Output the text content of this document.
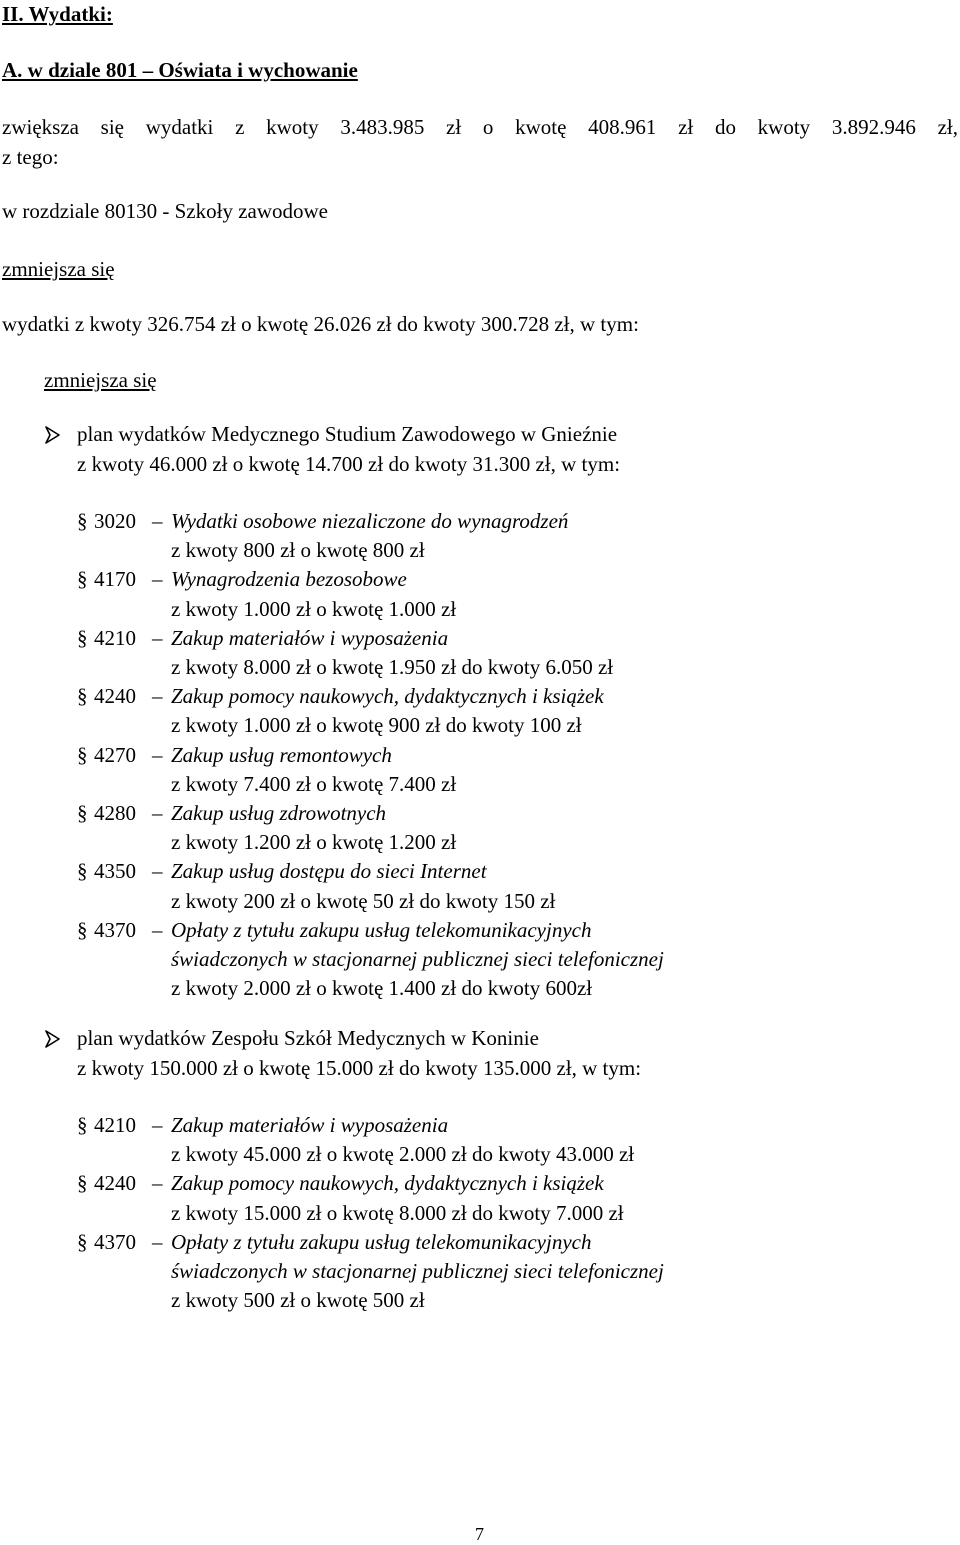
II. Wydatki:
A. w dziale 801 – Oświata i wychowanie
zwiększa się wydatki z kwoty 3.483.985 zł o kwotę 408.961 zł do kwoty 3.892.946 zł,
z tego:
w rozdziale 80130 - Szkoły zawodowe
zmniejsza się
wydatki z kwoty 326.754 zł o kwotę 26.026 zł do kwoty 300.728 zł, w tym:
zmniejsza się
plan wydatków Medycznego Studium Zawodowego w Gnieźnie
z kwoty 46.000 zł o kwotę 14.700 zł do kwoty 31.300 zł, w tym:
§ 3020 – Wydatki osobowe niezaliczone do wynagrodzeń
z kwoty 800 zł o kwotę 800 zł
§ 4170 – Wynagrodzenia bezosobowe
z kwoty 1.000 zł o kwotę 1.000 zł
§ 4210 – Zakup materiałów i wyposażenia
z kwoty 8.000 zł o kwotę 1.950 zł do kwoty 6.050 zł
§ 4240 – Zakup pomocy naukowych, dydaktycznych i książek
z kwoty 1.000 zł o kwotę 900 zł do kwoty 100 zł
§ 4270 – Zakup usług remontowych
z kwoty 7.400 zł o kwotę 7.400 zł
§ 4280 – Zakup usług zdrowotnych
z kwoty 1.200 zł o kwotę 1.200 zł
§ 4350 – Zakup usług dostępu do sieci Internet
z kwoty 200 zł o kwotę 50 zł do kwoty 150 zł
§ 4370 – Opłaty z tytułu zakupu usług telekomunikacyjnych
świadczonych w stacjonarnej publicznej sieci telefonicznej
z kwoty 2.000 zł o kwotę 1.400 zł do kwoty 600zł
plan wydatków Zespołu Szkół Medycznych w Koninie
z kwoty 150.000 zł o kwotę 15.000 zł do kwoty 135.000 zł, w tym:
§ 4210 – Zakup materiałów i wyposażenia
z kwoty 45.000 zł o kwotę 2.000 zł do kwoty 43.000 zł
§ 4240 – Zakup pomocy naukowych, dydaktycznych i książek
z kwoty 15.000 zł o kwotę 8.000 zł do kwoty 7.000 zł
§ 4370 – Opłaty z tytułu zakupu usług telekomunikacyjnych
świadczonych w stacjonarnej publicznej sieci telefonicznej
z kwoty 500 zł o kwotę 500 zł
7
